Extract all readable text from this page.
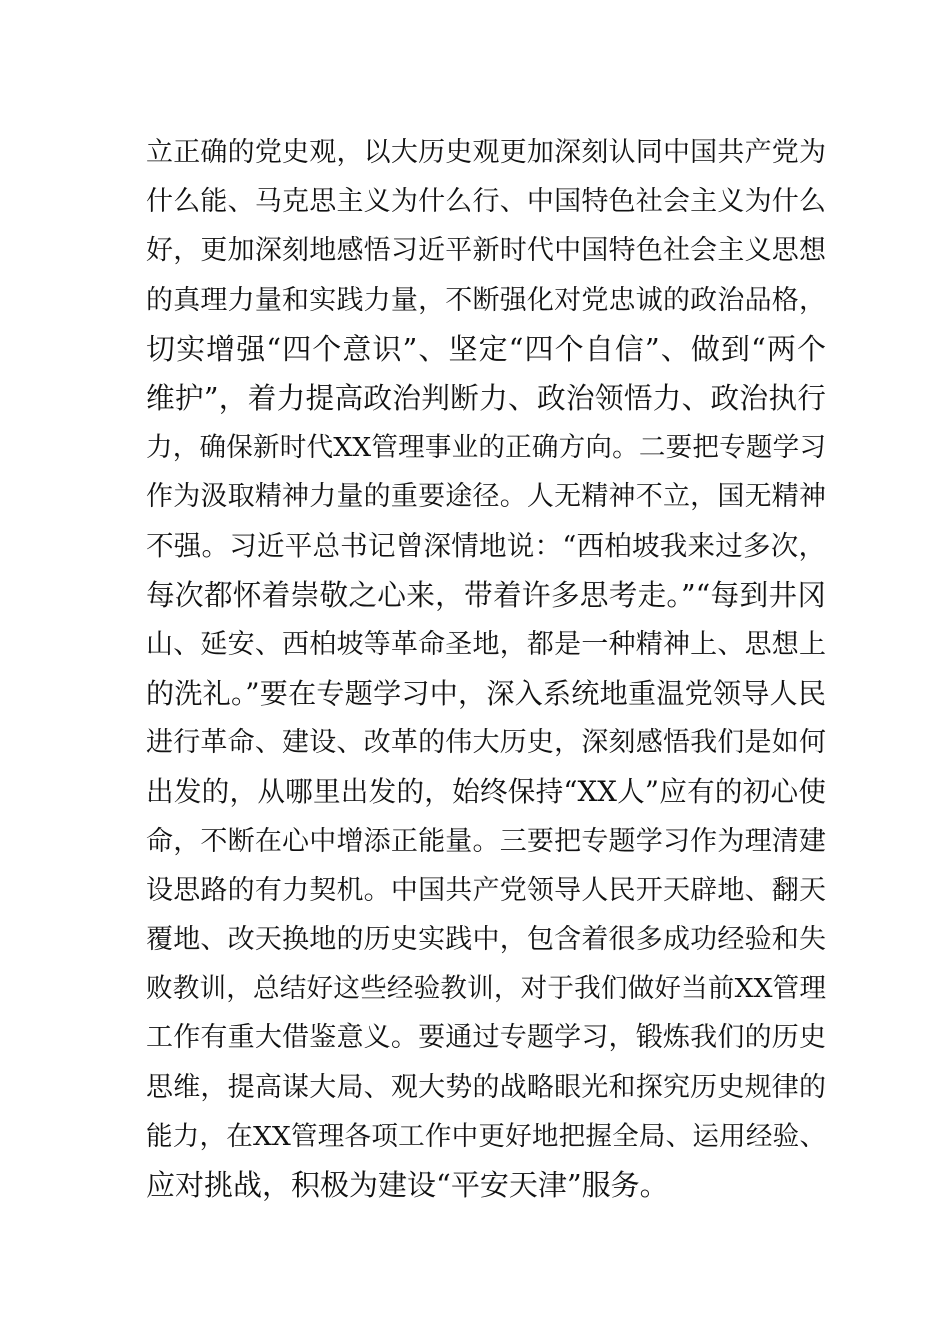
立正确的党史观，以大历史观更加深刻认同中国共产党为
什么能、马克思主义为什么行、中国特色社会主义为什么
好，更加深刻地感悟习近平新时代中国特色社会主义思想
的真理力量和实践力量，不断强化对党忠诚的政治品格，
切实增强“四个意识”、坚定“四个自信”、做到“两个
维护”，着力提高政治判断力、政治领悟力、政治执行
力，确保新时代XX管理事业的正确方向。二要把专题学习
作为汲取精神力量的重要途径。人无精神不立，国无精神
不强。习近平总书记曾深情地说：“西柏坡我来过多次，
每次都怀着崇敬之心来，带着许多思考走。”“每到井冈
山、延安、西柏坡等革命圣地，都是一种精神上、思想上
的洗礼。”要在专题学习中，深入系统地重温党领导人民
进行革命、建设、改革的伟大历史，深刻感悟我们是如何
出发的，从哪里出发的，始终保持“XX人”应有的初心使
命，不断在心中增添正能量。三要把专题学习作为理清建
设思路的有力契机。中国共产党领导人民开天辟地、翻天
覆地、改天换地的历史实践中，包含着很多成功经验和失
败教训，总结好这些经验教训，对于我们做好当前XX管理
工作有重大借鉴意义。要通过专题学习，锻炼我们的历史
思维，提高谋大局、观大势的战略眼光和探究历史规律的
能力，在XX管理各项工作中更好地把握全局、运用经验、
应对挑战，积极为建设“平安天津”服务。
